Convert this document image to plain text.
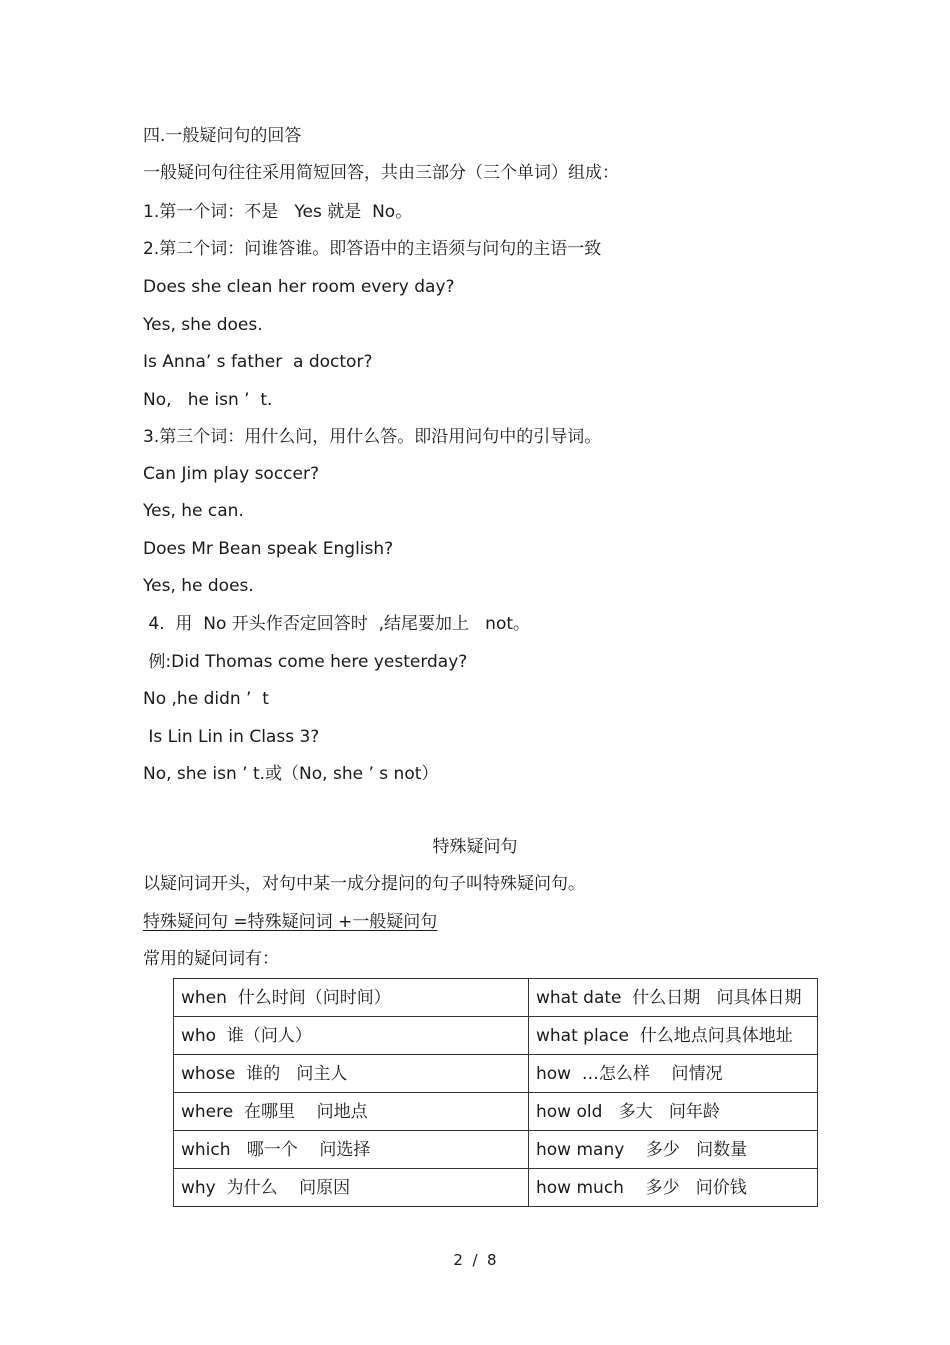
四.一般疑问句的回答
一般疑问句往往采用简短回答，共由三部分（三个单词）组成：
1.第一个词：不是   Yes 就是  No。
2.第二个词：问谁答谁。即答语中的主语须与问句的主语一致
Does she clean her room every day?
Yes, she does.
Is Anna’ s father  a doctor?
No,   he isn ’  t.
3.第三个词：用什么问，用什么答。即沿用问句中的引导词。
Can Jim play soccer?
Yes, he can.
Does Mr Bean speak English?
Yes, he does.
4.  用  No 开头作否定回答时  ,结尾要加上   not。
例:Did Thomas come here yesterday?
No ,he didn ’  t
Is Lin Lin in Class 3?
No, she isn ’ t.或（No, she ’ s not）
特殊疑问句
以疑问词开头，对句中某一成分提问的句子叫特殊疑问句。
特殊疑问句 =特殊疑问词 +一般疑问句
常用的疑问词有：
when  什么时间（问时间）	what date  什么日期   问具体日期
who  谁（问人）	what place  什么地点问具体地址
whose  谁的   问主人	how  …怎么样    问情况
where  在哪里    问地点	how old   多大   问年龄
which   哪一个    问选择	how many    多少   问数量
why  为什么    问原因	how much    多少   问价钱
2  /  8
